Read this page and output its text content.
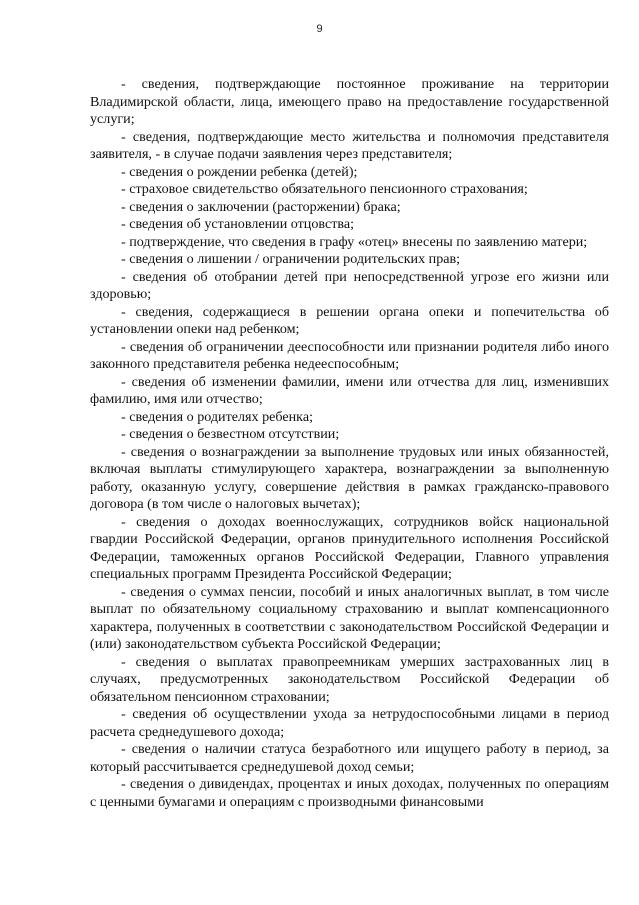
9

- сведения, подтверждающие постоянное проживание на территории Владимирской области, лица, имеющего право на предоставление государственной услуги;

- сведения, подтверждающие место жительства и полномочия представителя заявителя, - в случае подачи заявления через представителя;

- сведения о рождении ребенка (детей);

- страховое свидетельство обязательного пенсионного страхования;

- сведения о заключении (расторжении) брака;

- сведения об установлении отцовства;

- подтверждение, что сведения в графу «отец» внесены по заявлению матери;

- сведения о лишении / ограничении родительских прав;

- сведения об отобрании детей при непосредственной угрозе его жизни или здоровью;

- сведения, содержащиеся в решении органа опеки и попечительства об установлении опеки над ребенком;

- сведения об ограничении дееспособности или признании родителя либо иного законного представителя ребенка недееспособным;

- сведения об изменении фамилии, имени или отчества для лиц, изменивших фамилию, имя или отчество;

- сведения о родителях ребенка;

- сведения о безвестном отсутствии;

- сведения о вознаграждении за выполнение трудовых или иных обязанностей, включая выплаты стимулирующего характера, вознаграждении за выполненную работу, оказанную услугу, совершение действия в рамках гражданско-правового договора (в том числе о налоговых вычетах);

- сведения о доходах военнослужащих, сотрудников войск национальной гвардии Российской Федерации, органов принудительного исполнения Российской Федерации, таможенных органов Российской Федерации, Главного управления специальных программ Президента Российской Федерации;

- сведения о суммах пенсии, пособий и иных аналогичных выплат, в том числе выплат по обязательному социальному страхованию и выплат компенсационного характера, полученных в соответствии с законодательством Российской Федерации и (или) законодательством субъекта Российской Федерации;

- сведения о выплатах правопреемникам умерших застрахованных лиц в случаях, предусмотренных законодательством Российской Федерации об обязательном пенсионном страховании;

- сведения об осуществлении ухода за нетрудоспособными лицами в период расчета среднедушевого дохода;

- сведения о наличии статуса безработного или ищущего работу в период, за который рассчитывается среднедушевой доход семьи;

- сведения о дивидендах, процентах и иных доходах, полученных по операциям с ценными бумагами и операциям с производными финансовыми
